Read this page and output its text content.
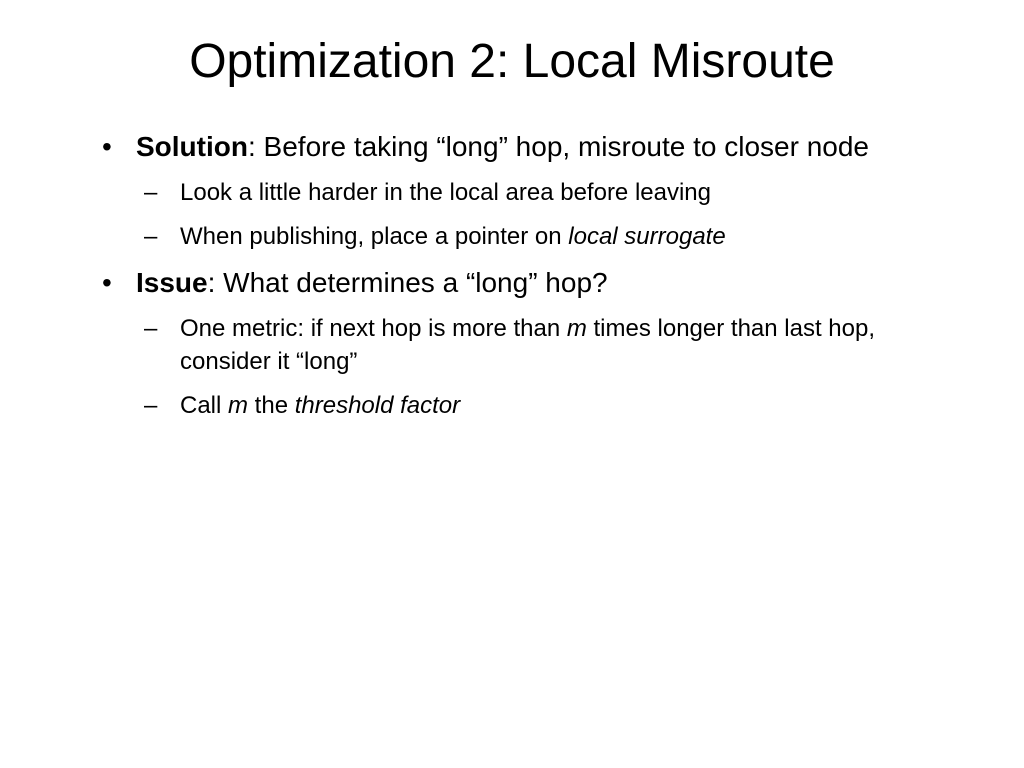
Optimization 2: Local Misroute
• Solution: Before taking “long” hop, misroute to closer node
– Look a little harder in the local area before leaving
– When publishing, place a pointer on local surrogate
• Issue: What determines a “long” hop?
– One metric: if next hop is more than m times longer than last hop, consider it “long”
– Call m the threshold factor
